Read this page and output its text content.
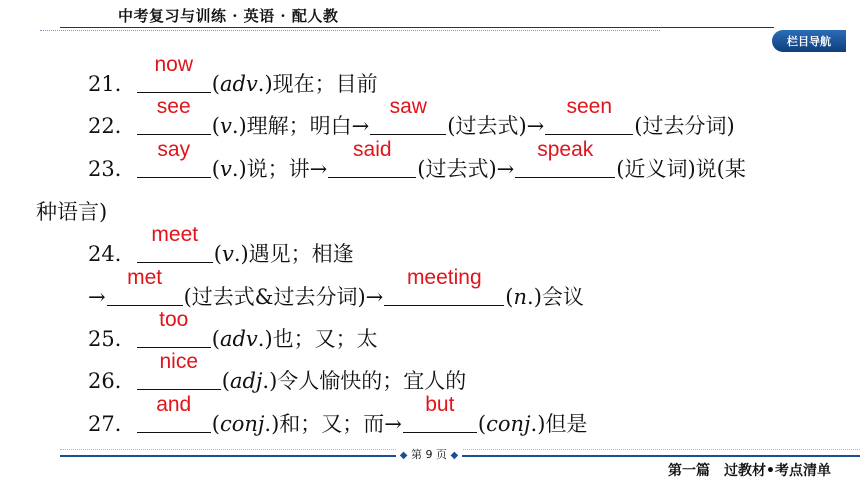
中考复习与训练 · 英语 · 配人教
栏目导航
21．
now
(adv.)现在；目前
22．
see
(v.)理解；明白→
saw
(过去式)→
seen
(过去分词)
23．
say
(v.)说；讲→
said
(过去式)→
speak
(近义词)说(某
种语言)
24．
meet
(v.)遇见；相逢
→
met
(过去式&过去分词)→
meeting
(n.)会议
25．
too
(adv.)也；又；太
26．
nice
(adj.)令人愉快的；宜人的
27．
and
(conj.)和；又；而→
but
(conj.)但是
◆ 第 9 页 ◆
第一篇　过教材•考点清单
